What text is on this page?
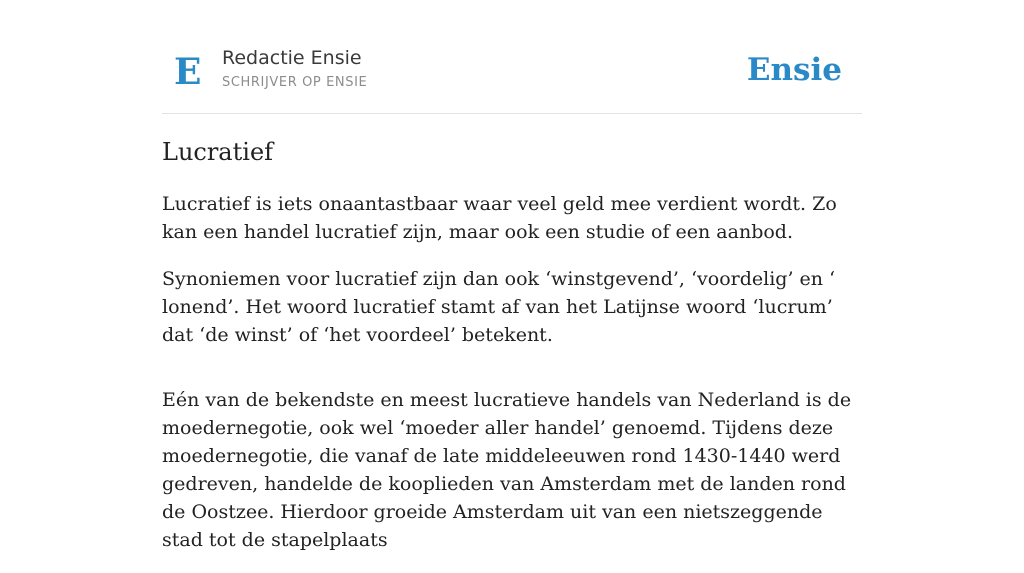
E Redactie Ensie
SCHRIJVER OP ENSIE	Ensie
Lucratief

Lucratief is iets onaantastbaar waar veel geld mee verdient wordt. Zo kan een handel lucratief zijn, maar ook een studie of een aanbod.

Synoniemen voor lucratief zijn dan ook ‘winstgevend’, ‘voordelig’ en ‘ lonend’. Het woord lucratief stamt af van het Latijnse woord ‘lucrum’ dat ‘de winst’ of ‘het voordeel’ betekent.

Eén van de bekendste en meest lucratieve handels van Nederland is de moedernegotie, ook wel ‘moeder aller handel’ genoemd. Tijdens deze moedernegotie, die vanaf de late middeleeuwen rond 1430-1440 werd gedreven, handelde de kooplieden van Amsterdam met de landen rond de Oostzee. Hierdoor groeide Amsterdam uit van een nietszeggende stad tot de stapelplaats
